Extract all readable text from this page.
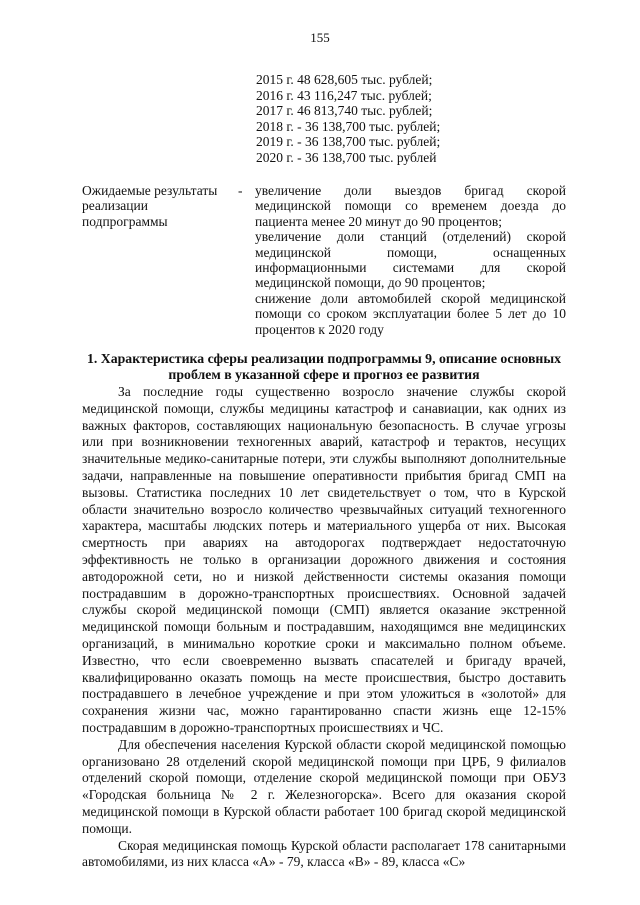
155
2015 г. 48 628,605 тыс. рублей;
2016 г. 43 116,247 тыс. рублей;
2017 г. 46 813,740 тыс. рублей;
2018 г. - 36 138,700 тыс. рублей;
2019 г. - 36 138,700 тыс. рублей;
2020 г. - 36 138,700 тыс. рублей
Ожидаемые результаты реализации подпрограммы
- увеличение доли выездов бригад скорой медицинской помощи со временем доезда до пациента менее 20 минут до 90 процентов;

увеличение доли станций (отделений) скорой медицинской помощи, оснащенных информационными системами для скорой медицинской помощи, до 90 процентов;

снижение доли автомобилей скорой медицинской помощи со сроком эксплуатации более 5 лет до 10 процентов к 2020 году

1. Характеристика сферы реализации подпрограммы 9, описание основных проблем в указанной сфере и прогноз ее развития

За последние годы существенно возросло значение службы скорой медицинской помощи, службы медицины катастроф и санавиации, как одних из важных факторов, составляющих национальную безопасность. В случае угрозы или при возникновении техногенных аварий, катастроф и терактов, несущих значительные медико-санитарные потери, эти службы выполняют дополнительные задачи, направленные на повышение оперативности прибытия бригад СМП на вызовы. Статистика последних 10 лет свидетельствует о том, что в Курской области значительно возросло количество чрезвычайных ситуаций техногенного характера, масштабы людских потерь и материального ущерба от них. Высокая смертность при авариях на автодорогах подтверждает недостаточную эффективность не только в организации дорожного движения и состояния автодорожной сети, но и низкой действенности системы оказания помощи пострадавшим в дорожно-транспортных происшествиях. Основной задачей службы скорой медицинской помощи (СМП) является оказание экстренной медицинской помощи больным и пострадавшим, находящимся вне медицинских организаций, в минимально короткие сроки и максимально полном объеме. Известно, что если своевременно вызвать спасателей и бригаду врачей, квалифицированно оказать помощь на месте происшествия, быстро доставить пострадавшего в лечебное учреждение и при этом уложиться в «золотой» для сохранения жизни час, можно гарантированно спасти жизнь еще 12-15% пострадавшим в дорожно-транспортных происшествиях и ЧС.

Для обеспечения населения Курской области скорой медицинской помощью организовано 28 отделений скорой медицинской помощи при ЦРБ, 9 филиалов отделений скорой помощи, отделение скорой медицинской помощи при ОБУЗ «Городская больница № 2 г. Железногорска». Всего для оказания скорой медицинской помощи в Курской области работает 100 бригад скорой медицинской помощи.

Скорая медицинская помощь Курской области располагает 178 санитарными автомобилями, из них класса «А» - 79, класса «В» - 89, класса «С»
